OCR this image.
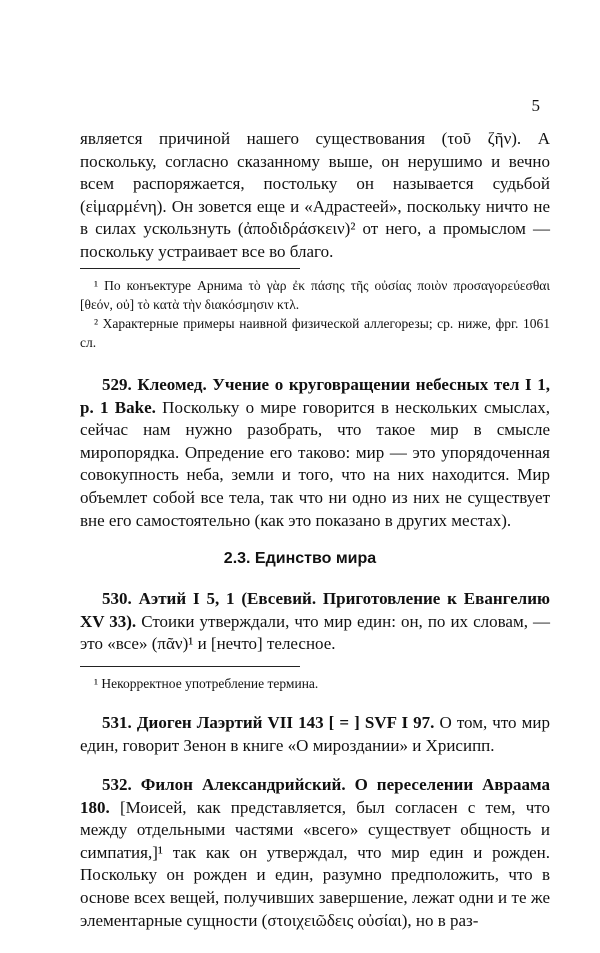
5

является причиной нашего существования (τοῦ ζῆν). А поскольку, согласно сказанному выше, он нерушимо и вечно всем распоряжается, постольку он называется судьбой (εἱμαρμένη). Он зовется еще и «Адрастеей», поскольку ничто не в силах ускользнуть (ἀποδιδράσκειν)² от него, а промыслом — поскольку устраивает все во благо.

¹ По конъектуре Арнима τὸ γὰρ ἐκ πάσης τῆς οὐσίας ποιὸν προσαγορεύεσθαι [θεόν, οὐ] τὸ κατὰ τὴν διακόσμησιν κτλ.

² Характерные примеры наивной физической аллегорезы; ср. ниже, фрг. 1061 сл.

529. Клеомед. Учение о круговращении небесных тел I 1, p. 1 Bake. Поскольку о мире говорится в нескольких смыслах, сейчас нам нужно разобрать, что такое мир в смысле миропорядка. Опредение его таково: мир — это упорядоченная совокупность неба, земли и того, что на них находится. Мир объемлет собой все тела, так что ни одно из них не существует вне его самостоятельно (как это показано в других местах).

2.3. Единство мира

530. Аэтий I 5, 1 (Евсевий. Приготовление к Евангелию XV 33). Стоики утверждали, что мир един: он, по их словам, — это «все» (πᾶν)¹ и [нечто] телесное.

¹ Некорректное употребление термина.

531. Диоген Лаэртий VII 143 [ = ] SVF I 97. О том, что мир един, говорит Зенон в книге «О мироздании» и Хрисипп.

532. Филон Александрийский. О переселении Авраама 180. [Моисей, как представляется, был согласен с тем, что между отдельными частями «всего» существует общность и симпатия,]¹ так как он утверждал, что мир един и рожден. Поскольку он рожден и един, разумно предположить, что в основе всех вещей, получивших завершение, лежат одни и те же элементарные сущности (στοιχειῶδεις οὐσίαι), но в раз-
